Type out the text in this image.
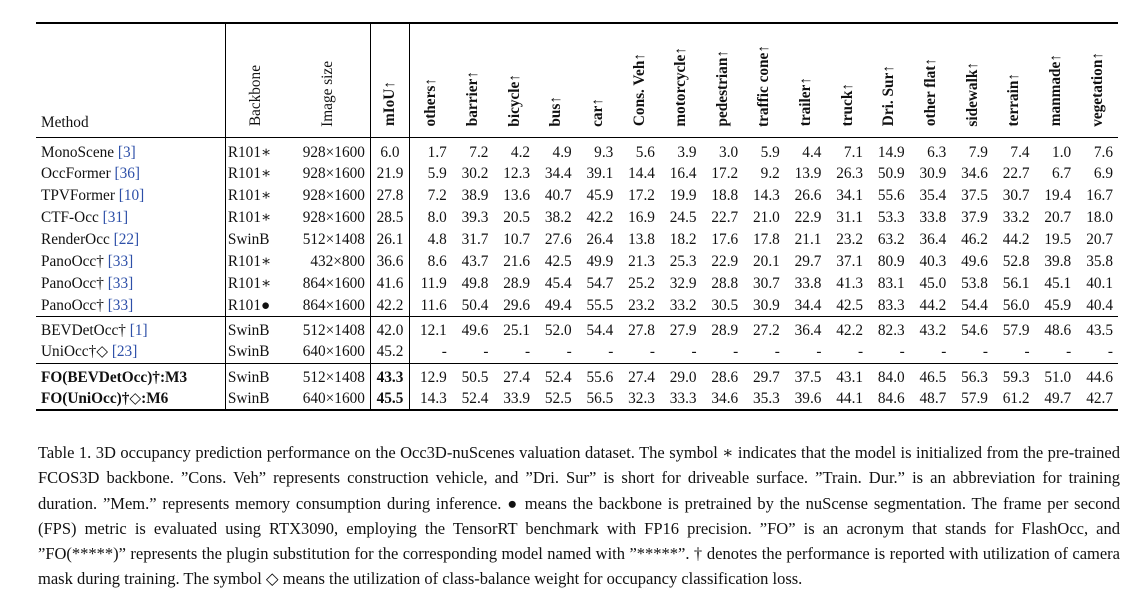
Method	Backbone	Image size	mIoU↑	others↑	barrier↑	bicycle↑	bus↑	car↑	Cons. Veh↑	motorcycle↑	pedestrian↑	traffic cone↑	trailer↑	truck↑	Dri. Sur↑	other flat↑	sidewalk↑	terrain↑	manmade↑	vegetation↑
MonoScene [3]	R101∗	928×1600	6.0	1.7	7.2	4.2	4.9	9.3	5.6	3.9	3.0	5.9	4.4	7.1	14.9	6.3	7.9	7.4	1.0	7.6
OccFormer [36]	R101∗	928×1600	21.9	5.9	30.2	12.3	34.4	39.1	14.4	16.4	17.2	9.2	13.9	26.3	50.9	30.9	34.6	22.7	6.7	6.9
TPVFormer [10]	R101∗	928×1600	27.8	7.2	38.9	13.6	40.7	45.9	17.2	19.9	18.8	14.3	26.6	34.1	55.6	35.4	37.5	30.7	19.4	16.7
CTF-Occ [31]	R101∗	928×1600	28.5	8.0	39.3	20.5	38.2	42.2	16.9	24.5	22.7	21.0	22.9	31.1	53.3	33.8	37.9	33.2	20.7	18.0
RenderOcc [22]	SwinB	512×1408	26.1	4.8	31.7	10.7	27.6	26.4	13.8	18.2	17.6	17.8	21.1	23.2	63.2	36.4	46.2	44.2	19.5	20.7
PanoOcc† [33]	R101∗	432×800	36.6	8.6	43.7	21.6	42.5	49.9	21.3	25.3	22.9	20.1	29.7	37.1	80.9	40.3	49.6	52.8	39.8	35.8
PanoOcc† [33]	R101∗	864×1600	41.6	11.9	49.8	28.9	45.4	54.7	25.2	32.9	28.8	30.7	33.8	41.3	83.1	45.0	53.8	56.1	45.1	40.1
PanoOcc† [33]	R101●	864×1600	42.2	11.6	50.4	29.6	49.4	55.5	23.2	33.2	30.5	30.9	34.4	42.5	83.3	44.2	54.4	56.0	45.9	40.4
BEVDetOcc† [1]	SwinB	512×1408	42.0	12.1	49.6	25.1	52.0	54.4	27.8	27.9	28.9	27.2	36.4	42.2	82.3	43.2	54.6	57.9	48.6	43.5
UniOcc†◇ [23]	SwinB	640×1600	45.2	-	-	-	-	-	-	-	-	-	-	-	-	-	-	-	-	-
FO(BEVDetOcc)†:M3	SwinB	512×1408	43.3	12.9	50.5	27.4	52.4	55.6	27.4	29.0	28.6	29.7	37.5	43.1	84.0	46.5	56.3	59.3	51.0	44.6
FO(UniOcc)†◇:M6	SwinB	640×1600	45.5	14.3	52.4	33.9	52.5	56.5	32.3	33.3	34.6	35.3	39.6	44.1	84.6	48.7	57.9	61.2	49.7	42.7

Table 1. 3D occupancy prediction performance on the Occ3D-nuScenes valuation dataset. The symbol ∗ indicates that the model is initialized from the pre-trained FCOS3D backbone. ”Cons. Veh” represents construction vehicle, and ”Dri. Sur” is short for driveable surface. ”Train. Dur.” is an abbreviation for training duration. ”Mem.” represents memory consumption during inference. ● means the backbone is pretrained by the nuScense segmentation. The frame per second (FPS) metric is evaluated using RTX3090, employing the TensorRT benchmark with FP16 precision. ”FO” is an acronym that stands for FlashOcc, and ”FO(*****)” represents the plugin substitution for the corresponding model named with ”*****”. † denotes the performance is reported with utilization of camera mask during training. The symbol ◇ means the utilization of class-balance weight for occupancy classification loss.
